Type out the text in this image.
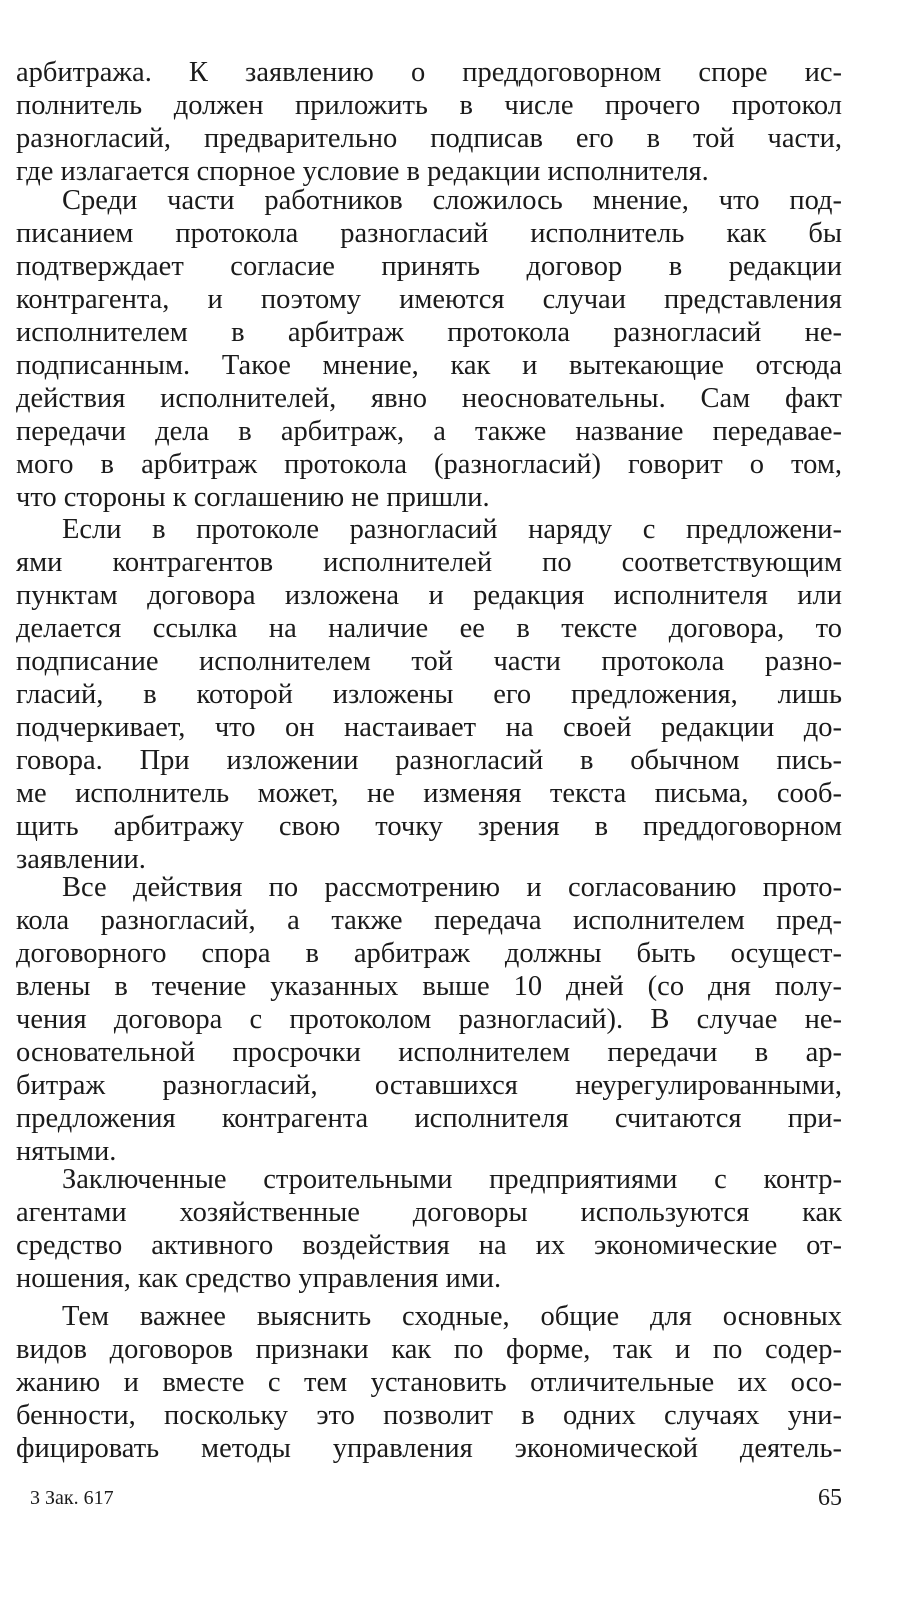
арбитража. К заявлению о преддоговорном споре ис-
полнитель должен приложить в числе прочего протокол
разногласий, предварительно подписав его в той части,
где излагается спорное условие в редакции исполнителя.
Среди части работников сложилось мнение, что под-
писанием протокола разногласий исполнитель как бы
подтверждает согласие принять договор в редакции
контрагента, и поэтому имеются случаи представления
исполнителем в арбитраж протокола разногласий не-
подписанным. Такое мнение, как и вытекающие отсюда
действия исполнителей, явно неосновательны. Сам факт
передачи дела в арбитраж, а также название передавае-
мого в арбитраж протокола (разногласий) говорит о том,
что стороны к соглашению не пришли.
Если в протоколе разногласий наряду с предложени-
ями контрагентов исполнителей по соответствующим
пунктам договора изложена и редакция исполнителя или
делается ссылка на наличие ее в тексте договора, то
подписание исполнителем той части протокола разно-
гласий, в которой изложены его предложения, лишь
подчеркивает, что он настаивает на своей редакции до-
говора. При изложении разногласий в обычном пись-
ме исполнитель может, не изменяя текста письма, сооб-
щить арбитражу свою точку зрения в преддоговорном
заявлении.
Все действия по рассмотрению и согласованию прото-
кола разногласий, а также передача исполнителем пред-
договорного спора в арбитраж должны быть осущест-
влены в течение указанных выше 10 дней (со дня полу-
чения договора с протоколом разногласий). В случае не-
основательной просрочки исполнителем передачи в ар-
битраж разногласий, оставшихся неурегулированными,
предложения контрагента исполнителя считаются при-
нятыми.
Заключенные строительными предприятиями с контр-
агентами хозяйственные договоры используются как
средство активного воздействия на их экономические от-
ношения, как средство управления ими.
Тем важнее выяснить сходные, общие для основных
видов договоров признаки как по форме, так и по содер-
жанию и вместе с тем установить отличительные их осо-
бенности, поскольку это позволит в одних случаях уни-
фицировать методы управления экономической деятель-
3 Зак. 617	65
